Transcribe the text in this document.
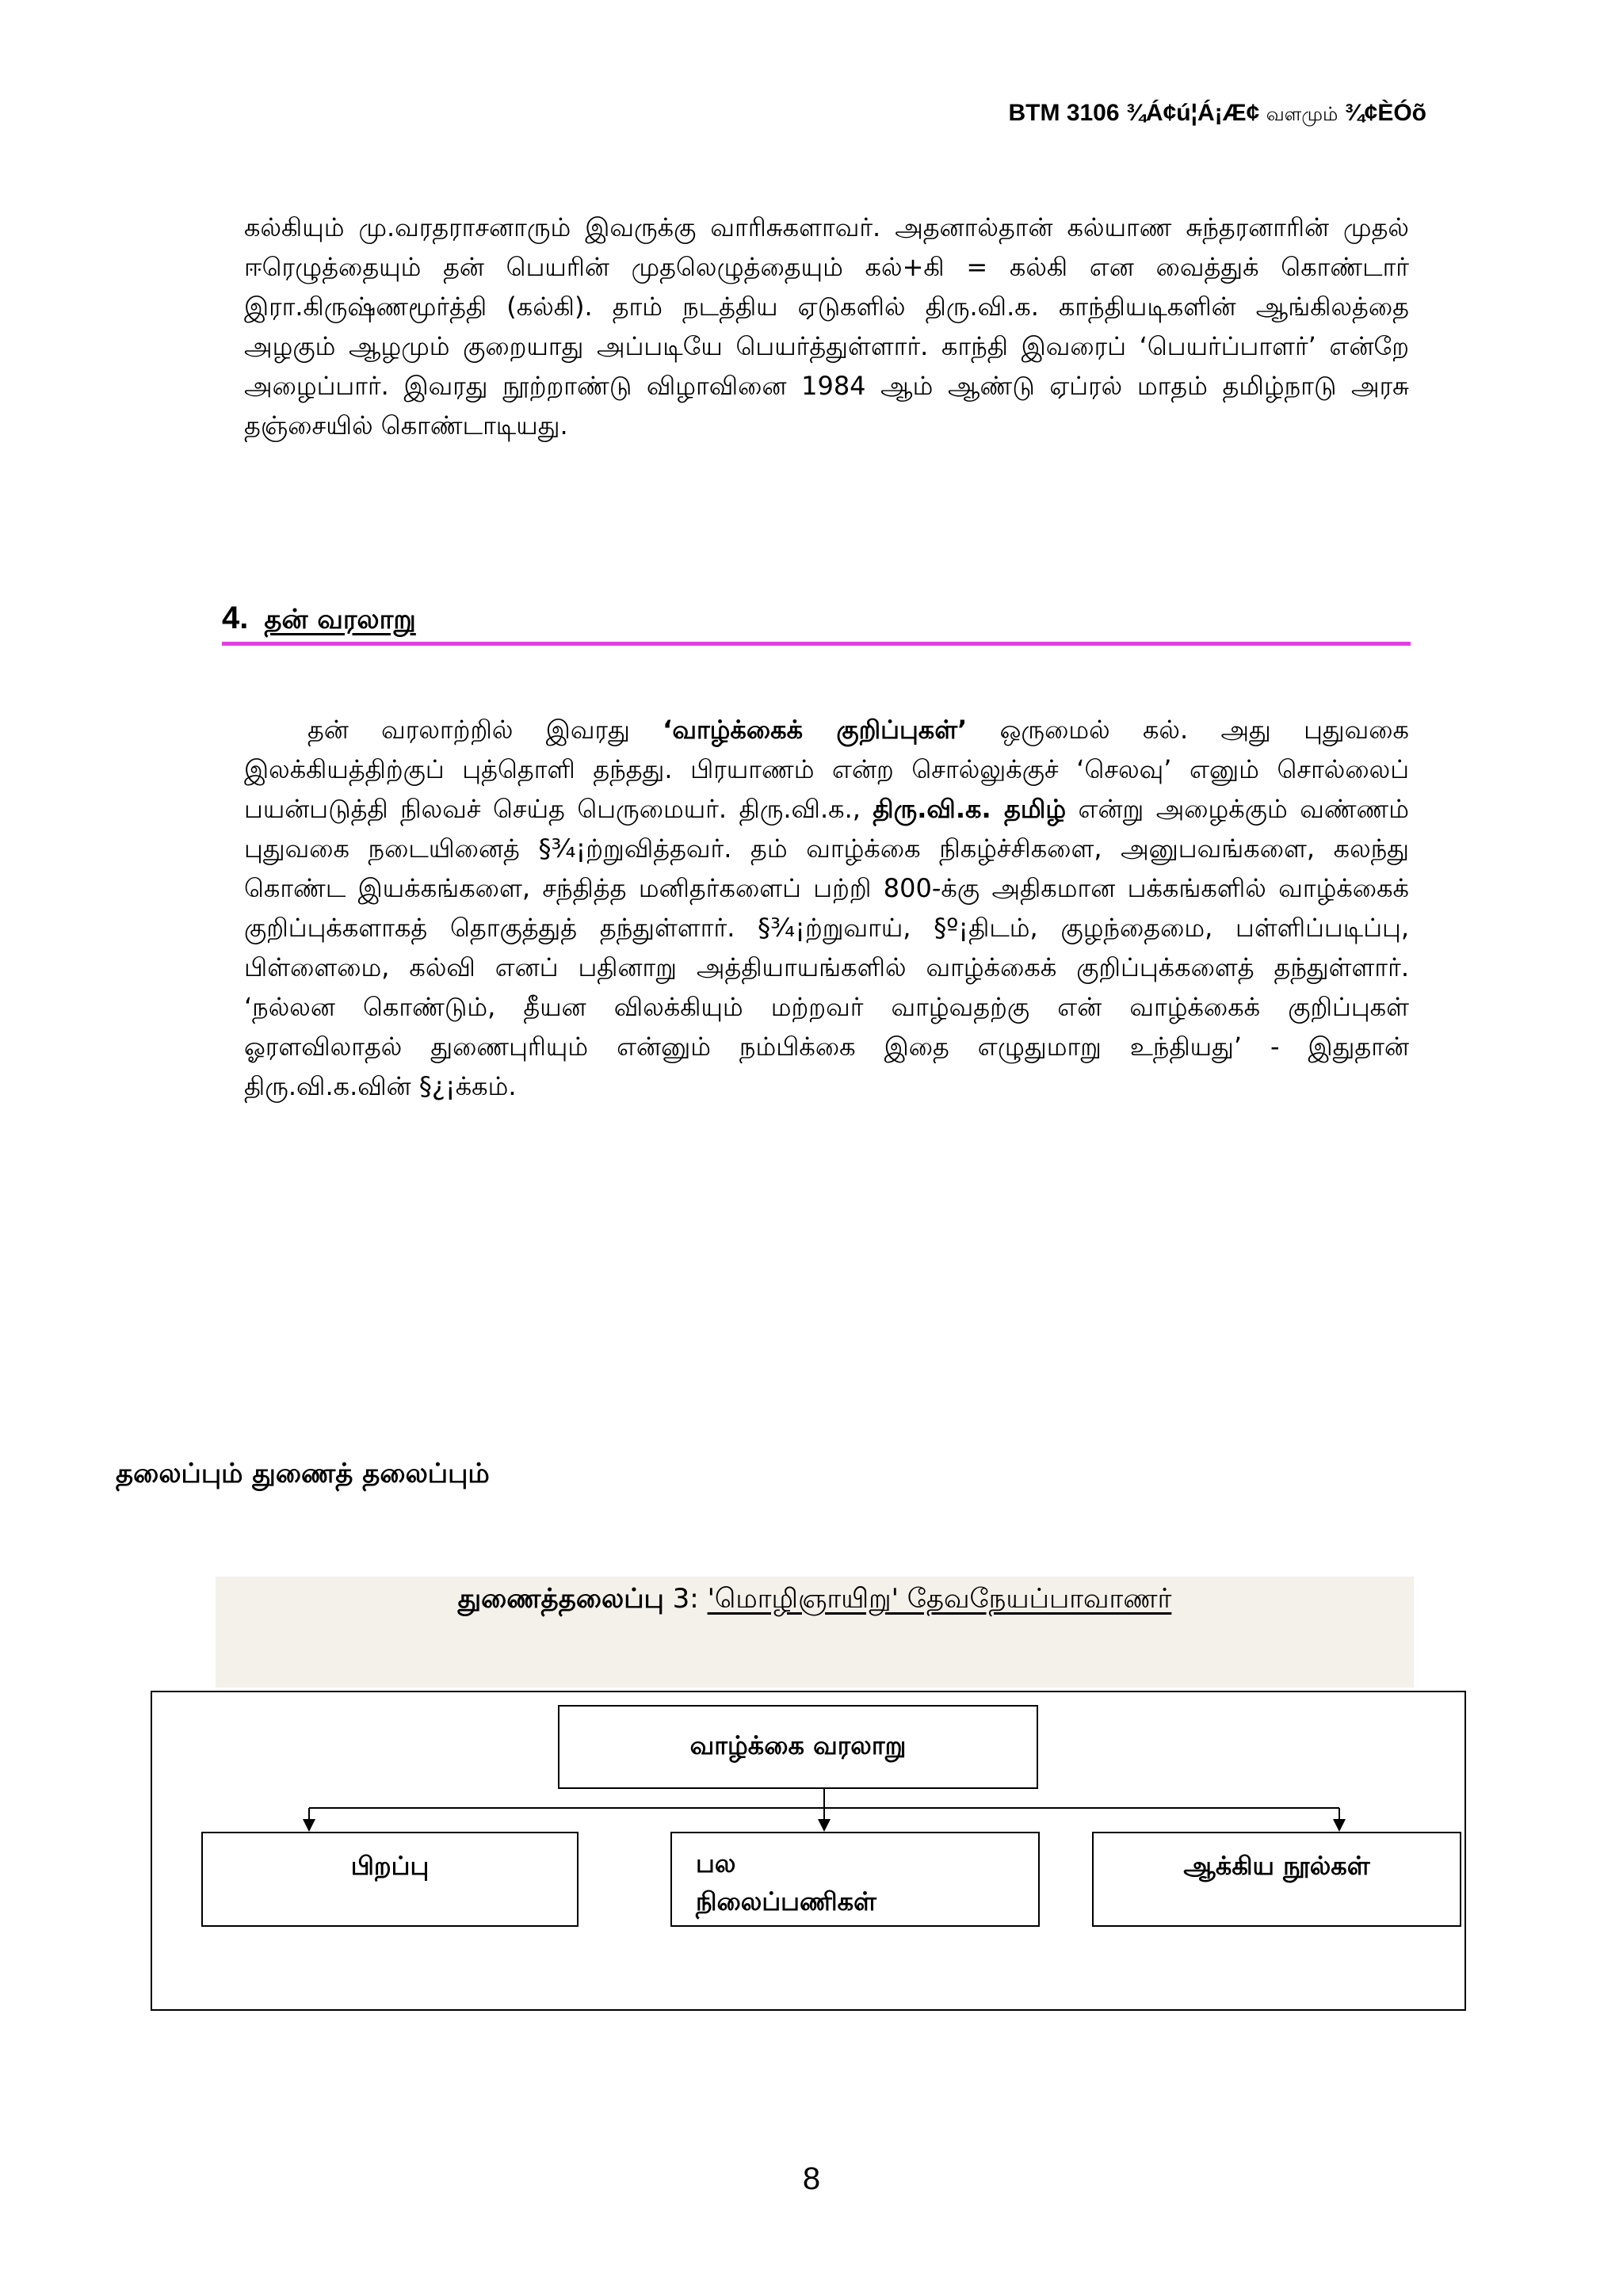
BTM 3106 ¾Á¢ú¦Á¡Æ¢ வளமும் ¾¢ÈÓõ
கல்கியும் மு.வரதராசனாரும் இவருக்கு வாரிசுகளாவர். அதனால்தான் கல்யாண சுந்தரனாரின் முதல் ஈரெழுத்தையும் தன் பெயரின் முதலெழுத்தையும் கல்+கி = கல்கி என வைத்துக் கொண்டார் இரா.கிருஷ்ணமூர்த்தி (கல்கி). தாம் நடத்திய ஏடுகளில் திரு.வி.க. காந்தியடிகளின் ஆங்கிலத்தை அழகும் ஆழமும் குறையாது அப்படியே பெயர்த்துள்ளார். காந்தி இவரைப் ‘பெயர்ப்பாளர்’ என்றே அழைப்பார். இவரது நூற்றாண்டு விழாவினை 1984 ஆம் ஆண்டு ஏப்ரல் மாதம் தமிழ்நாடு அரசு தஞ்சையில் கொண்டாடியது.
4. தன் வரலாறு
தன் வரலாற்றில் இவரது ‘வாழ்க்கைக் குறிப்புகள்’ ஒருமைல் கல். அது புதுவகை இலக்கியத்திற்குப் புத்தொளி தந்தது. பிரயாணம் என்ற சொல்லுக்குச் ‘செலவு’ எனும் சொல்லைப் பயன்படுத்தி நிலவச் செய்த பெருமையர். திரு.வி.க., திரு.வி.க. தமிழ் என்று அழைக்கும் வண்ணம் புதுவகை நடையினைத் §¾¡ற்றுவித்தவர். தம் வாழ்க்கை நிகழ்ச்சிகளை, அனுபவங்களை, கலந்து கொண்ட இயக்கங்களை, சந்தித்த மனிதர்களைப் பற்றி 800-க்கு அதிகமான பக்கங்களில் வாழ்க்கைக் குறிப்புக்களாகத் தொகுத்துத் தந்துள்ளார். §¾¡ற்றுவாய், §º¡திடம், குழந்தைமை, பள்ளிப்படிப்பு, பிள்ளைமை, கல்வி எனப் பதினாறு அத்தியாயங்களில் வாழ்க்கைக் குறிப்புக்களைத் தந்துள்ளார். ‘நல்லன கொண்டும், தீயன விலக்கியும் மற்றவர் வாழ்வதற்கு என் வாழ்க்கைக் குறிப்புகள் ஓரளவிலாதல் துணைபுரியும் என்னும் நம்பிக்கை இதை எழுதுமாறு உந்தியது’ - இதுதான் திரு.வி.க.வின் §¿¡க்கம்.
தலைப்பும் துணைத் தலைப்பும்
துணைத்தலைப்பு 3: 'மொழிஞாயிறு' தேவநேயப்பாவாணர்
வாழ்க்கை வரலாறு
பிறப்பு	பல
நிலைப்பணிகள்
ஆக்கிய நூல்கள்
8
